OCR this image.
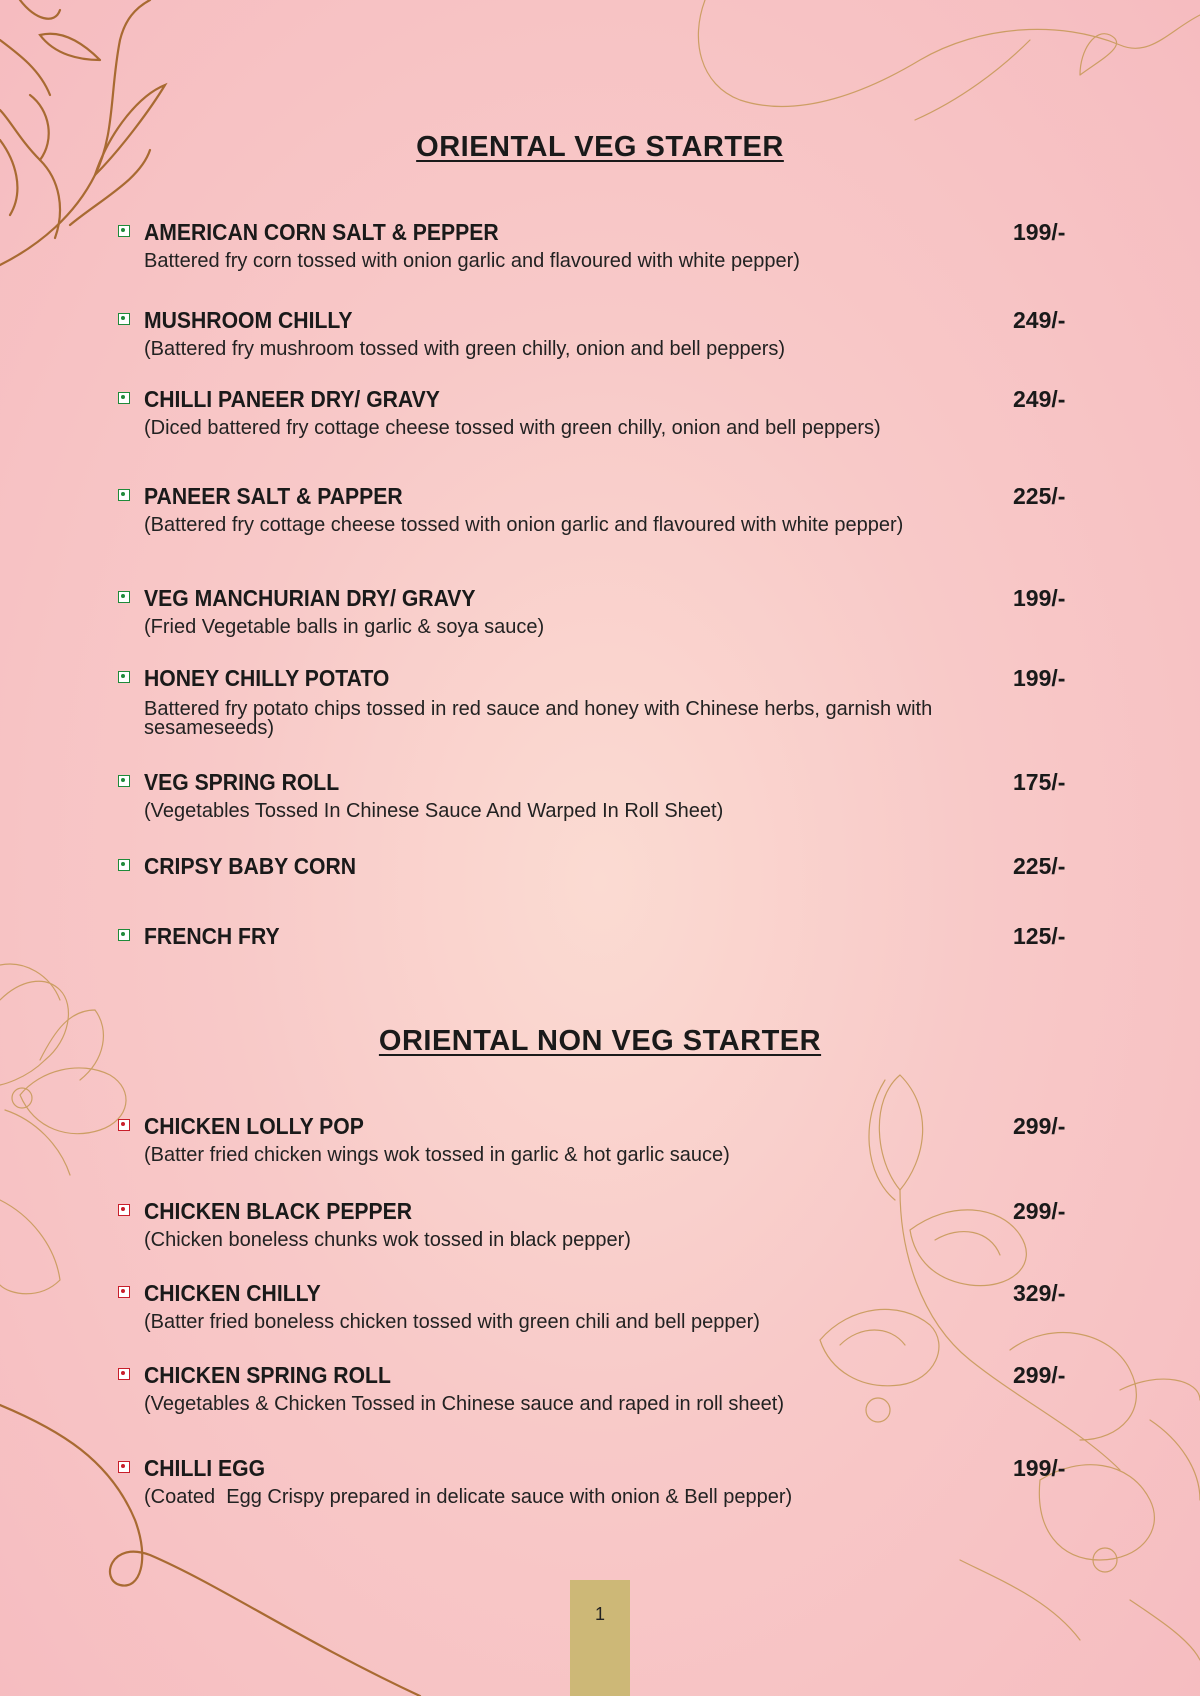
ORIENTAL VEG STARTER
AMERICAN CORN SALT & PEPPER	199/-
Battered fry corn tossed with onion garlic and flavoured with white pepper)
MUSHROOM CHILLY	249/-
(Battered fry mushroom tossed with green chilly, onion and bell peppers)
CHILLI PANEER DRY/ GRAVY	249/-
(Diced battered fry cottage cheese tossed with green chilly, onion and bell peppers)
PANEER SALT & PAPPER	225/-
(Battered fry cottage cheese tossed with onion garlic and flavoured with white pepper)
VEG MANCHURIAN DRY/ GRAVY	199/-
(Fried Vegetable balls in garlic & soya sauce)
HONEY CHILLY POTATO	199/-
Battered fry potato chips tossed in red sauce and honey with Chinese herbs, garnish with sesameseeds)
VEG SPRING ROLL	175/-
(Vegetables Tossed In Chinese Sauce And Warped In Roll Sheet)
CRIPSY BABY CORN	225/-
FRENCH FRY	125/-
ORIENTAL NON VEG STARTER
CHICKEN LOLLY POP	299/-
(Batter fried chicken wings wok tossed in garlic & hot garlic sauce)
CHICKEN BLACK PEPPER	299/-
(Chicken boneless chunks wok tossed in black pepper)
CHICKEN CHILLY	329/-
(Batter fried boneless chicken tossed with green chili and bell pepper)
CHICKEN SPRING ROLL	299/-
(Vegetables & Chicken Tossed in Chinese sauce and raped in roll sheet)
CHILLI EGG	199/-
(Coated  Egg Crispy prepared in delicate sauce with onion & Bell pepper)
1
